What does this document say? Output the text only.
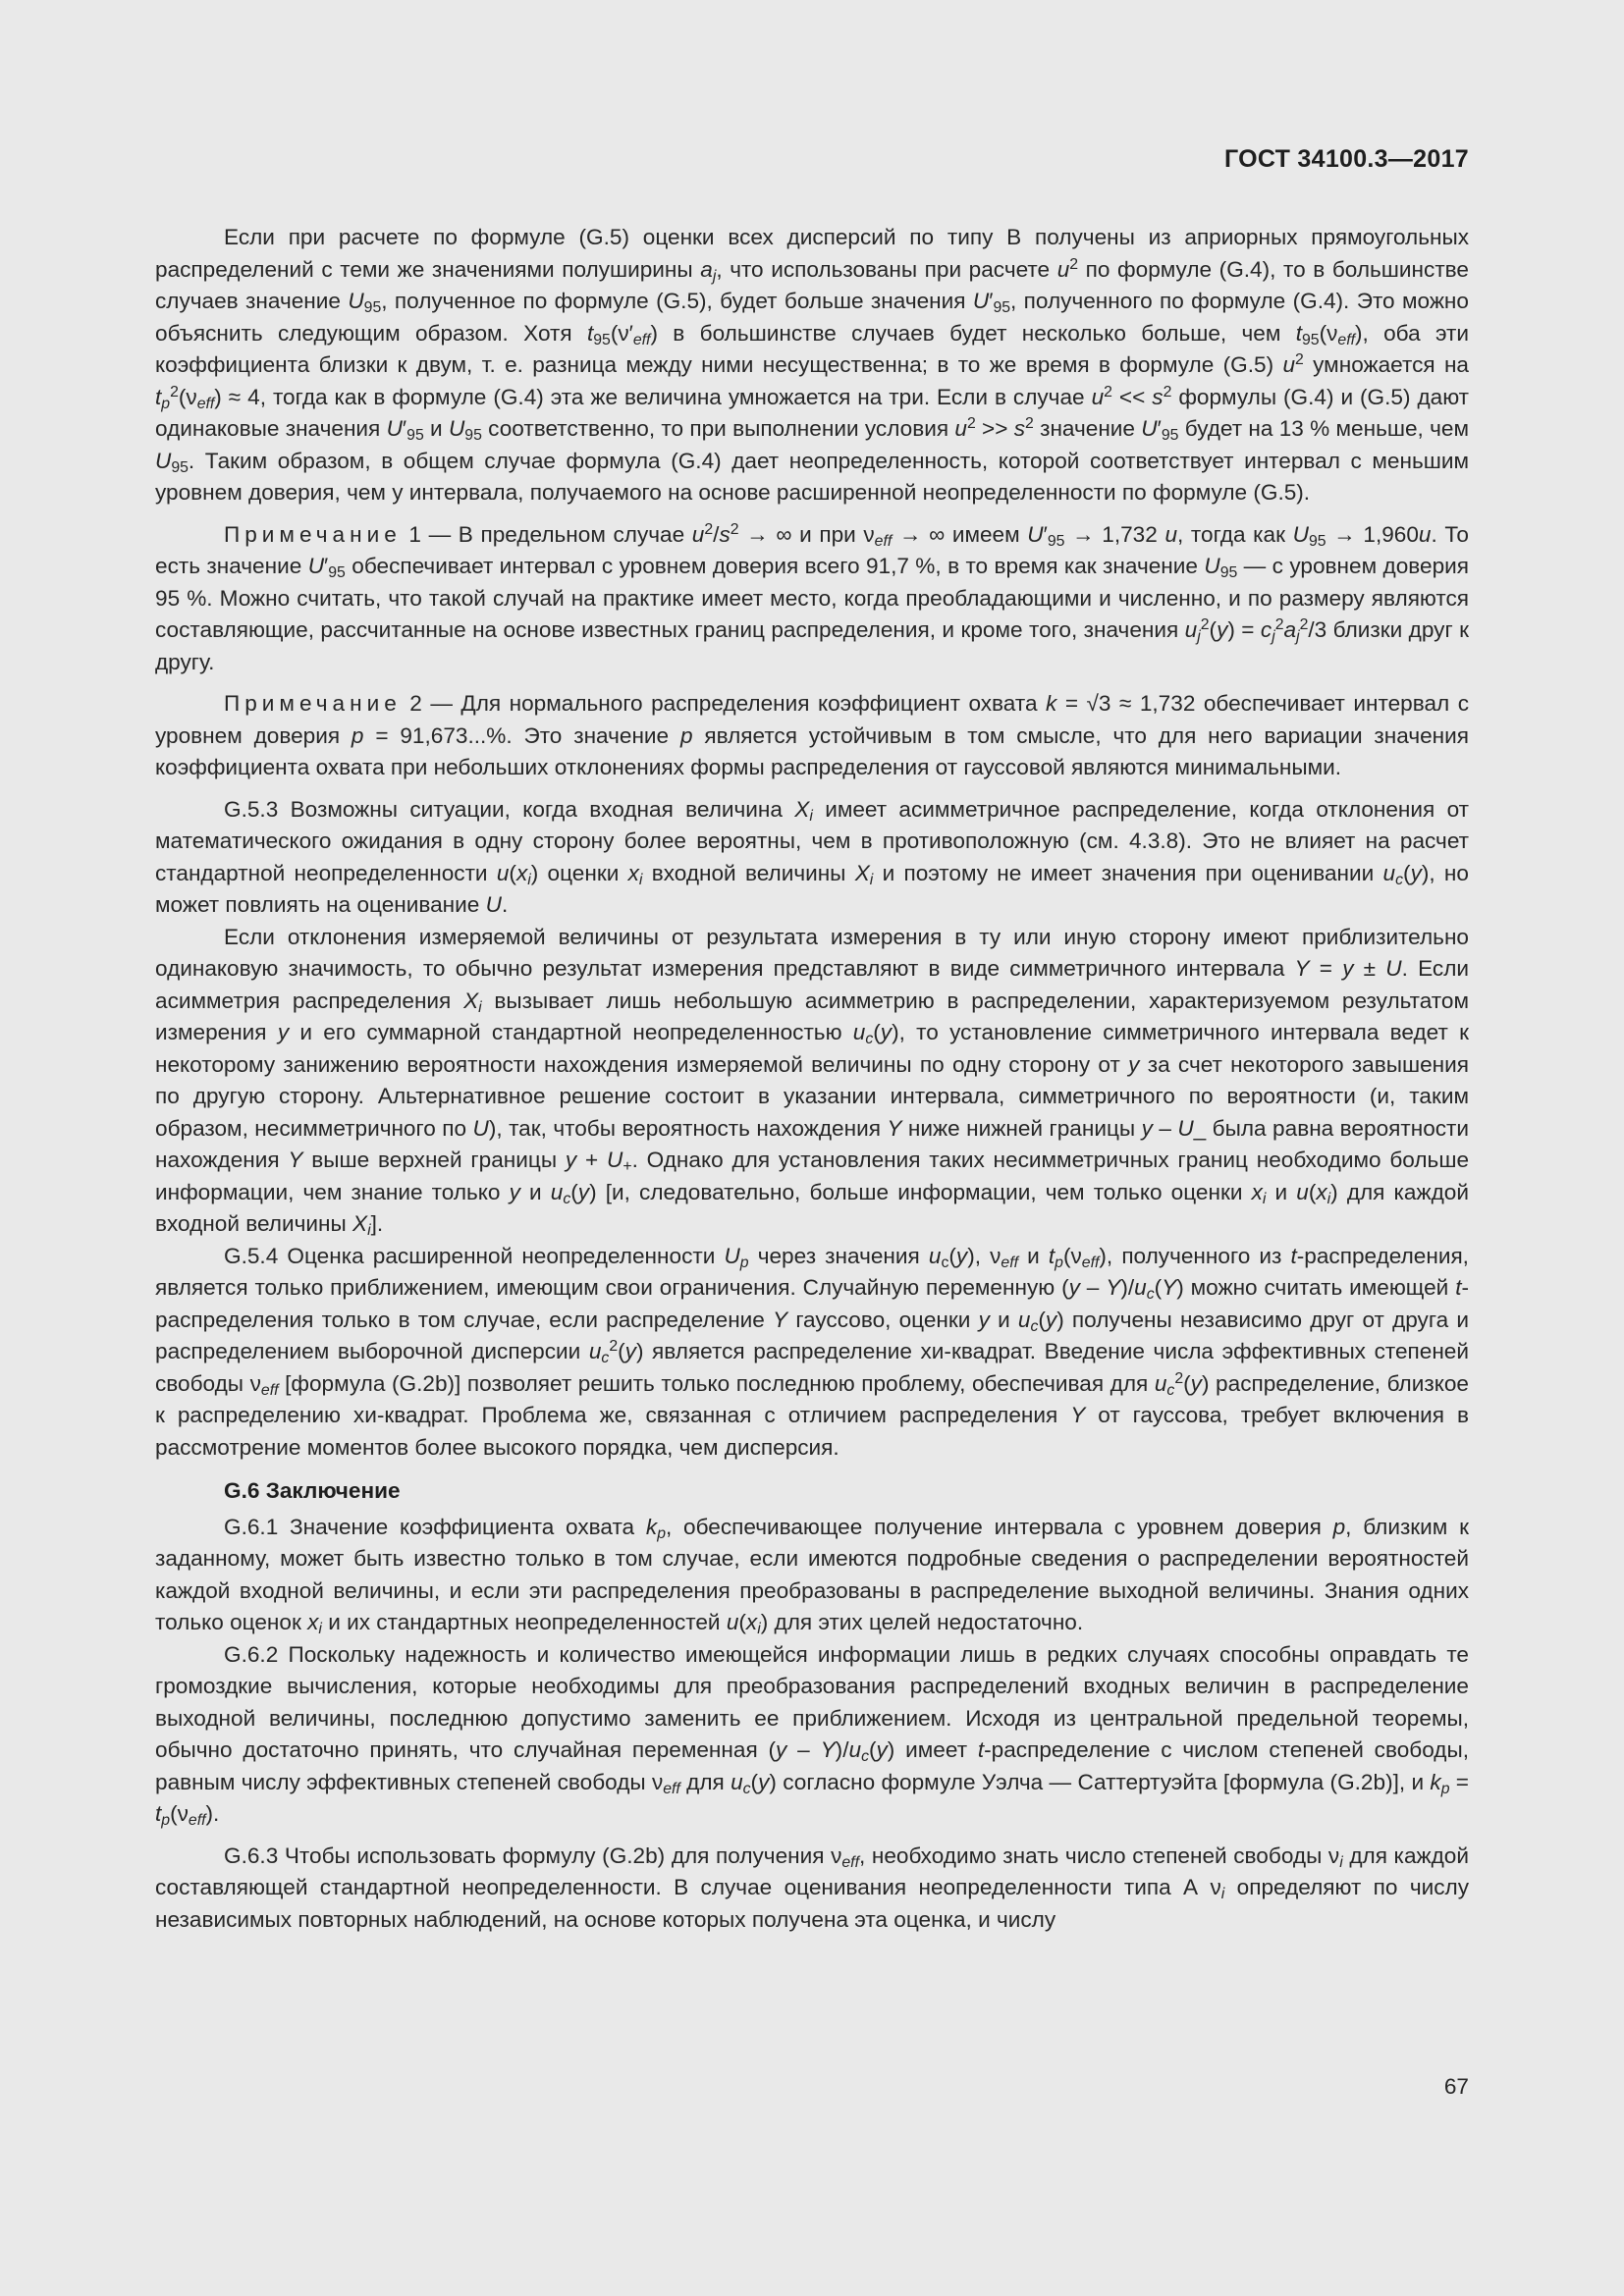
ГОСТ 34100.3—2017

Если при расчете по формуле (G.5) оценки всех дисперсий по типу В получены из априорных прямоугольных распределений с теми же значениями полуширины $a_j$, что использованы при расчете $u^2$ по формуле (G.4), то в большинстве случаев значение $U_{95}$, полученное по формуле (G.5), будет больше значения $U'_{95}$, полученного по формуле (G.4). Это можно объяснить следующим образом. Хотя $t_{95}(\nu'_{eff})$ в большинстве случаев будет несколько больше, чем $t_{95}(\nu_{eff})$, оба эти коэффициента близки к двум, т. е. разница между ними несущественна; в то же время в формуле (G.5) $u^2$ умножается на $t_p^2(\nu_{eff}) \approx 4$, тогда как в формуле (G.4) эта же величина умножается на три. Если в случае $u^2 << s^2$ формулы (G.4) и (G.5) дают одинаковые значения $U'_{95}$ и $U_{95}$ соответственно, то при выполнении условия $u^2 >> s^2$ значение $U'_{95}$ будет на 13 % меньше, чем $U_{95}$. Таким образом, в общем случае формула (G.4) дает неопределенность, которой соответствует интервал с меньшим уровнем доверия, чем у интервала, получаемого на основе расширенной неопределенности по формуле (G.5).

Примечание 1 — В предельном случае $u^2/s^2$ → ∞ и при $\nu_{eff}$ → ∞ имеем $U'_{95} \to 1,732$ u, тогда как $U_{95} \to 1,960u$. То есть значение $U'_{95}$ обеспечивает интервал с уровнем доверия всего 91,7 %, в то время как значение $U_{95}$ — с уровнем доверия 95 %. Можно считать, что такой случай на практике имеет место, когда преобладающими и численно, и по размеру являются составляющие, рассчитанные на основе известных границ распределения, и кроме того, значения $u_j^2(y) = c_j^2a_j^2/3$ близки друг к другу.

Примечание 2 — Для нормального распределения коэффициент охвата k = √3 ≈ 1,732 обеспечивает интервал с уровнем доверия p = 91,673...%. Это значение p является устойчивым в том смысле, что для него вариации значения коэффициента охвата при небольших отклонениях формы распределения от гауссовой являются минимальными.

G.5.3 Возможны ситуации, когда входная величина $X_i$ имеет асимметричное распределение, когда отклонения от математического ожидания в одну сторону более вероятны, чем в противоположную (см. 4.3.8). Это не влияет на расчет стандартной неопределенности $u(x_i)$ оценки $x_i$ входной величины $X_i$ и поэтому не имеет значения при оценивании $u_c(y)$, но может повлиять на оценивание U.

Если отклонения измеряемой величины от результата измерения в ту или иную сторону имеют приблизительно одинаковую значимость, то обычно результат измерения представляют в виде симметричного интервала Y = y ± U. Если асимметрия распределения $X_i$ вызывает лишь небольшую асимметрию в распределении, характеризуемом результатом измерения y и его суммарной стандартной неопределенностью $u_c(y)$, то установление симметричного интервала ведет к некоторому занижению вероятности нахождения измеряемой величины по одну сторону от y за счет некоторого завышения по другую сторону. Альтернативное решение состоит в указании интервала, симметричного по вероятности (и, таким образом, несимметричного по U), так, чтобы вероятность нахождения Y ниже нижней границы y – U_ была равна вероятности нахождения Y выше верхней границы $y + U_+$. Однако для установления таких несимметричных границ необходимо больше информации, чем знание только y и $u_c(y)$ [и, следовательно, больше информации, чем только оценки $x_i$ и $u(x_i)$ для каждой входной величины $X_i$].

G.5.4 Оценка расширенной неопределенности $U_p$ через значения $u_c(y)$, $\nu_{eff}$ и $t_p(\nu_{eff})$, полученного из t-распределения, является только приближением, имеющим свои ограничения. Случайную переменную $(y - Y)/u_c(Y)$ можно считать имеющей t-распределения только в том случае, если распределение Y гауссово, оценки y и $u_c(y)$ получены независимо друг от друга и распределением выборочной дисперсии $u_c^2(y)$ является распределение хи-квадрат. Введение числа эффективных степеней свободы $\nu_{eff}$ [формула (G.2b)] позволяет решить только последнюю проблему, обеспечивая для $u_c^2(y)$ распределение, близкое к распределению хи-квадрат. Проблема же, связанная с отличием распределения Y от гауссова, требует включения в рассмотрение моментов более высокого порядка, чем дисперсия.

G.6 Заключение

G.6.1 Значение коэффициента охвата $k_p$, обеспечивающее получение интервала с уровнем доверия p, близким к заданному, может быть известно только в том случае, если имеются подробные сведения о распределении вероятностей каждой входной величины, и если эти распределения преобразованы в распределение выходной величины. Знания одних только оценок $x_i$ и их стандартных неопределенностей $u(x_i)$ для этих целей недостаточно.

G.6.2 Поскольку надежность и количество имеющейся информации лишь в редких случаях способны оправдать те громоздкие вычисления, которые необходимы для преобразования распределений входных величин в распределение выходной величины, последнюю допустимо заменить ее приближением. Исходя из центральной предельной теоремы, обычно достаточно принять, что случайная переменная $(y - Y)/u_c(y)$ имеет t-распределение с числом степеней свободы, равным числу эффективных степеней свободы $\nu_{eff}$ для $u_c(y)$ согласно формуле Уэлча — Саттертуэйта [формула (G.2b)], и $k_p = t_p(\nu_{eff})$.

G.6.3 Чтобы использовать формулу (G.2b) для получения $\nu_{eff}$, необходимо знать число степеней свободы $\nu_i$ для каждой составляющей стандартной неопределенности. В случае оценивания неопределенности типа А $\nu_i$ определяют по числу независимых повторных наблюдений, на основе которых получена эта оценка, и числу

67
